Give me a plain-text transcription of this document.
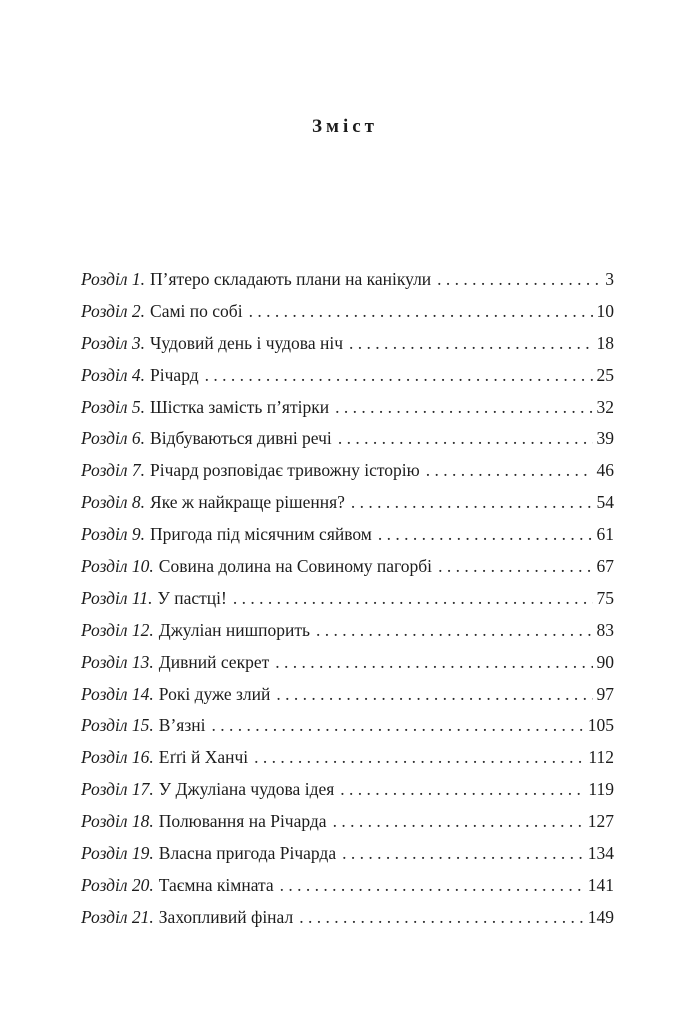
Зміст
Розділ 1. П’ятеро складають плани на канікули . . .	3
Розділ 2. Самі по собі . . .	10
Розділ 3. Чудовий день і чудова ніч . . .	18
Розділ 4. Річард . . .	25
Розділ 5. Шістка замість п’ятірки . . .	32
Розділ 6. Відбуваються дивні речі . . .	39
Розділ 7. Річард розповідає тривожну історію . . .	46
Розділ 8. Яке ж найкраще рішення? . . .	54
Розділ 9. Пригода під місячним сяйвом . . .	61
Розділ 10. Совина долина на Совиному пагорбі . . .	67
Розділ 11. У пастці! . . .	75
Розділ 12. Джуліан нишпорить . . .	83
Розділ 13. Дивний секрет . . .	90
Розділ 14. Рокі дуже злий . . .	97
Розділ 15. В’язні . . .	105
Розділ 16. Еґґі й Ханчі . . .	112
Розділ 17. У Джуліана чудова ідея . . .	119
Розділ 18. Полювання на Річарда . . .	127
Розділ 19. Власна пригода Річарда . . .	134
Розділ 20. Таємна кімната . . .	141
Розділ 21. Захопливий фінал . . .	149
